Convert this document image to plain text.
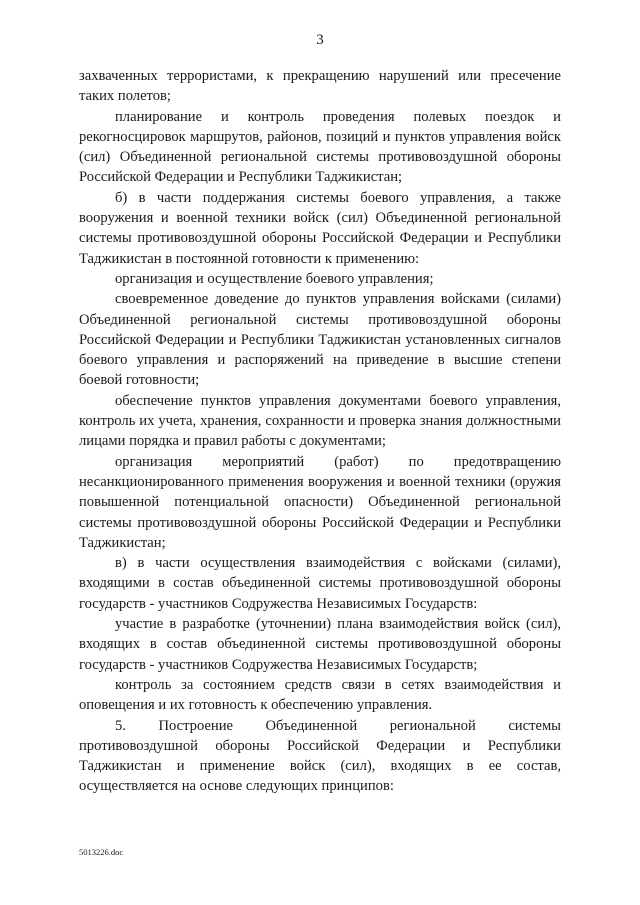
3

захваченных террористами, к прекращению нарушений или пресечение таких полетов;

планирование и контроль проведения полевых поездок и рекогносцировок маршрутов, районов, позиций и пунктов управления войск (сил) Объединенной региональной системы противовоздушной обороны Российской Федерации и Республики Таджикистан;

б) в части поддержания системы боевого управления, а также вооружения и военной техники войск (сил) Объединенной региональной системы противовоздушной обороны Российской Федерации и Республики Таджикистан в постоянной готовности к применению:

организация и осуществление боевого управления;

своевременное доведение до пунктов управления войсками (силами) Объединенной региональной системы противовоздушной обороны Российской Федерации и Республики Таджикистан установленных сигналов боевого управления и распоряжений на приведение в высшие степени боевой готовности;

обеспечение пунктов управления документами боевого управления, контроль их учета, хранения, сохранности и проверка знания должностными лицами порядка и правил работы с документами;

организация мероприятий (работ) по предотвращению несанкционированного применения вооружения и военной техники (оружия повышенной потенциальной опасности) Объединенной региональной системы противовоздушной обороны Российской Федерации и Республики Таджикистан;

в) в части осуществления взаимодействия с войсками (силами), входящими в состав объединенной системы противовоздушной обороны государств - участников Содружества Независимых Государств:

участие в разработке (уточнении) плана взаимодействия войск (сил), входящих в состав объединенной системы противовоздушной обороны государств - участников Содружества Независимых Государств;

контроль за состоянием средств связи в сетях взаимодействия и оповещения и их готовность к обеспечению управления.

5. Построение Объединенной региональной системы противовоздушной обороны Российской Федерации и Республики Таджикистан и применение войск (сил), входящих в ее состав, осуществляется на основе следующих принципов:

5013226.doc
